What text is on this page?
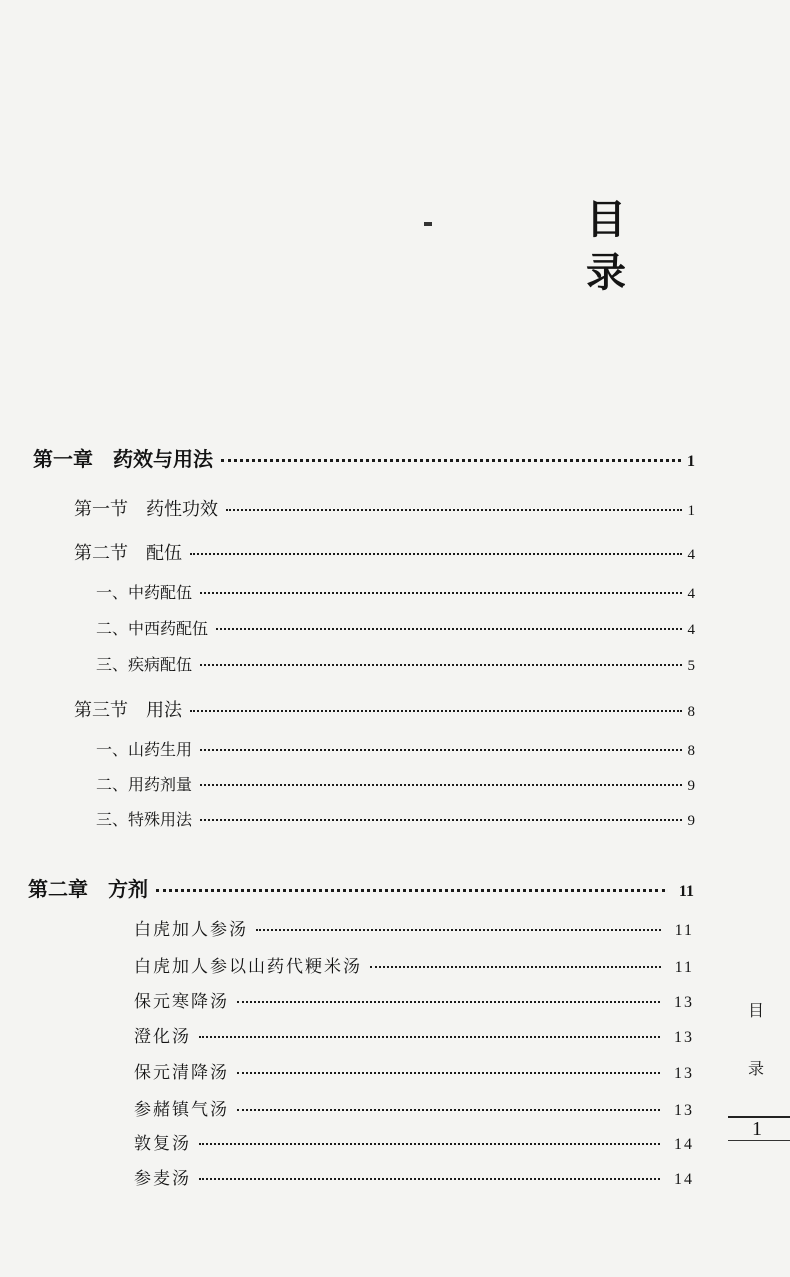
目
录
第一章　药效与用法	1
第一节　药性功效	1
第二节　配伍	4
一、中药配伍	4
二、中西药配伍	4
三、疾病配伍	5
第三节　用法	8
一、山药生用	8
二、用药剂量	9
三、特殊用法	9
第二章　方剂	11
白虎加人参汤	11
白虎加人参以山药代粳米汤	11
保元寒降汤	13
澄化汤	13
保元清降汤	13
参赭镇气汤	13
敦复汤	14
参麦汤	14
目
录
1
